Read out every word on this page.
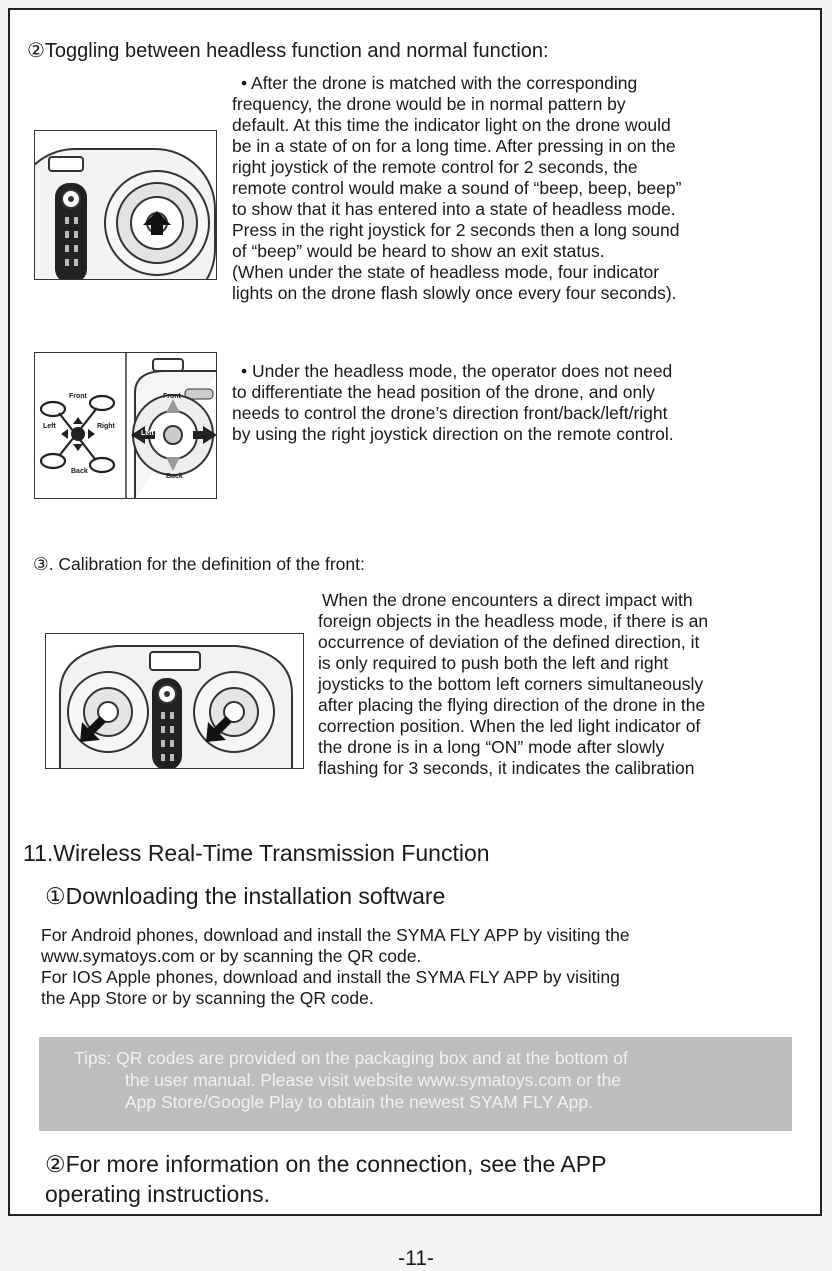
②Toggling between headless function and normal function:

• After the drone is matched with the corresponding

frequency, the drone would be in normal pattern by

default. At this time the indicator light on the drone would

be in a state of on for a long time. After pressing in on the

right joystick of the remote control for 2 seconds, the

remote control would make a sound of “beep, beep, beep”

to show that it has entered into a state of headless mode.

Press in the right joystick for 2 seconds then a long sound

of “beep” would be heard to show an exit status.

(When under the state of headless mode, four indicator

lights on the drone flash slowly once every four seconds).

• Under the headless mode, the operator does not need

to differentiate the head position of the drone, and only

needs to control the drone’s direction front/back/left/right

by using the right joystick direction on the remote control.

Front
Left	Right
Back
Front
Left
Back

③. Calibration for the definition of the front:

When the drone encounters a direct impact with

foreign objects in the headless mode, if there is an

occurrence of deviation of the defined direction, it

is only required to push both the left and right

joysticks to the bottom left corners simultaneously

after placing the flying direction of the drone in the

correction position. When the led light indicator of

the drone is in a long “ON” mode after slowly

flashing for 3 seconds, it indicates the calibration

11.Wireless Real-Time Transmission Function

①Downloading the installation software

For Android phones, download and install the SYMA FLY APP by visiting the

www.symatoys.com or by scanning the QR code.

For IOS Apple phones, download and install the SYMA FLY APP by visiting

the App Store or by scanning the QR code.

Tips: QR codes are provided on the packaging box and at the bottom of

the user manual. Please visit website www.symatoys.com or the

App Store/Google Play to obtain the newest SYAM FLY App.

②For more information on the connection, see the APP

operating instructions.

-11-
